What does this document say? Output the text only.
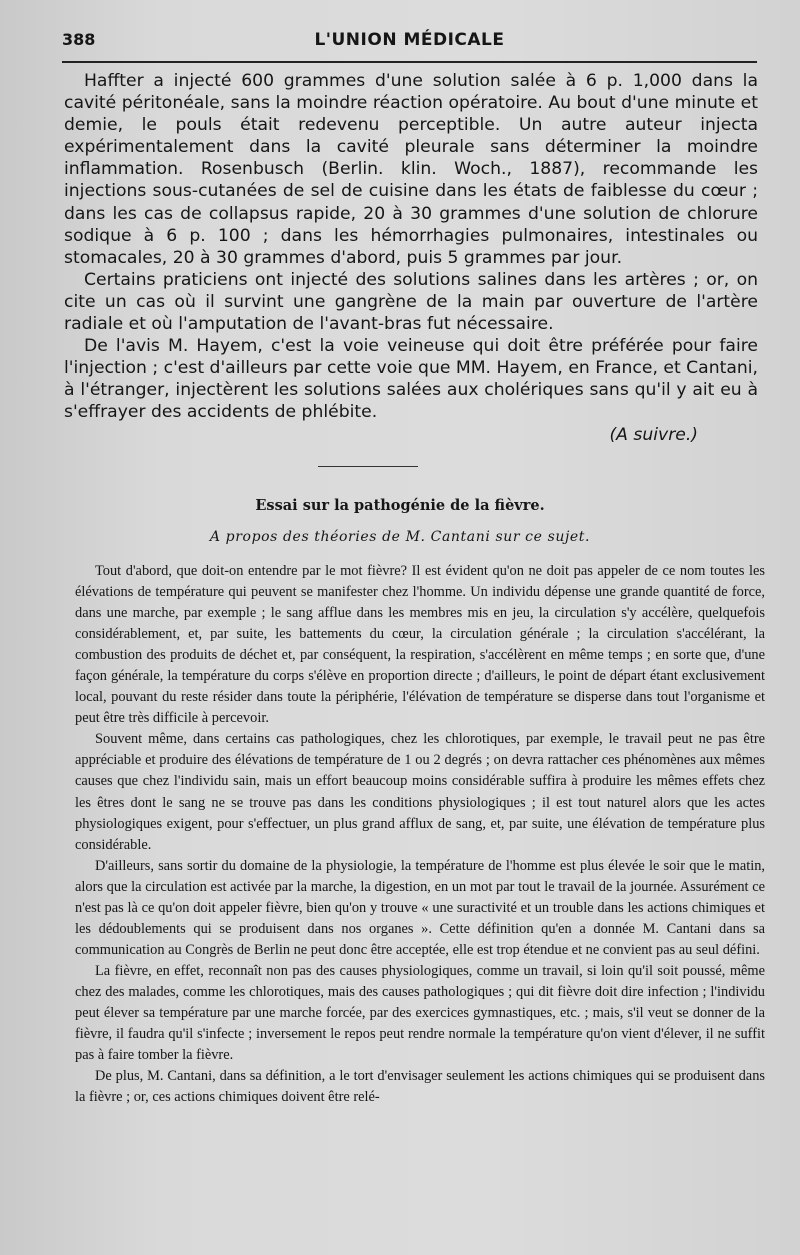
388	L'UNION MÉDICALE

Haffter a injecté 600 grammes d'une solution salée à 6 p. 1,000 dans la cavité péritonéale, sans la moindre réaction opératoire. Au bout d'une minute et demie, le pouls était redevenu perceptible. Un autre auteur injecta expérimentalement dans la cavité pleurale sans déterminer la moindre inflammation. Rosenbusch (Berlin. klin. Woch., 1887), recommande les injections sous-cutanées de sel de cuisine dans les états de faiblesse du cœur ; dans les cas de collapsus rapide, 20 à 30 grammes d'une solution de chlorure sodique à 6 p. 100 ; dans les hémorrhagies pulmonaires, intestinales ou stomacales, 20 à 30 grammes d'abord, puis 5 grammes par jour.

Certains praticiens ont injecté des solutions salines dans les artères ; or, on cite un cas où il survint une gangrène de la main par ouverture de l'artère radiale et où l'amputation de l'avant-bras fut nécessaire.

De l'avis M. Hayem, c'est la voie veineuse qui doit être préférée pour faire l'injection ; c'est d'ailleurs par cette voie que MM. Hayem, en France, et Cantani, à l'étranger, injectèrent les solutions salées aux cholériques sans qu'il y ait eu à s'effrayer des accidents de phlébite.

(A suivre.)

Essai sur la pathogénie de la fièvre.
A propos des théories de M. Cantani sur ce sujet.

Tout d'abord, que doit-on entendre par le mot fièvre? Il est évident qu'on ne doit pas appeler de ce nom toutes les élévations de température qui peuvent se manifester chez l'homme. Un individu dépense une grande quantité de force, dans une marche, par exemple ; le sang afflue dans les membres mis en jeu, la circulation s'y accélère, quelquefois considérablement, et, par suite, les battements du cœur, la circulation générale ; la circulation s'accélérant, la combustion des produits de déchet et, par conséquent, la respiration, s'accélèrent en même temps ; en sorte que, d'une façon générale, la température du corps s'élève en proportion directe ; d'ailleurs, le point de départ étant exclusivement local, pouvant du reste résider dans toute la périphérie, l'élévation de température se disperse dans tout l'organisme et peut être très difficile à percevoir.

Souvent même, dans certains cas pathologiques, chez les chlorotiques, par exemple, le travail peut ne pas être appréciable et produire des élévations de température de 1 ou 2 degrés ; on devra rattacher ces phénomènes aux mêmes causes que chez l'individu sain, mais un effort beaucoup moins considérable suffira à produire les mêmes effets chez les êtres dont le sang ne se trouve pas dans les conditions physiologiques ; il est tout naturel alors que les actes physiologiques exigent, pour s'effectuer, un plus grand afflux de sang, et, par suite, une élévation de température plus considérable.

D'ailleurs, sans sortir du domaine de la physiologie, la température de l'homme est plus élevée le soir que le matin, alors que la circulation est activée par la marche, la digestion, en un mot par tout le travail de la journée. Assurément ce n'est pas là ce qu'on doit appeler fièvre, bien qu'on y trouve « une suractivité et un trouble dans les actions chimiques et les dédoublements qui se produisent dans nos organes ». Cette définition qu'en a donnée M. Cantani dans sa communication au Congrès de Berlin ne peut donc être acceptée, elle est trop étendue et ne convient pas au seul défini.

La fièvre, en effet, reconnaît non pas des causes physiologiques, comme un travail, si loin qu'il soit poussé, même chez des malades, comme les chlorotiques, mais des causes pathologiques ; qui dit fièvre doit dire infection ; l'individu peut élever sa température par une marche forcée, par des exercices gymnastiques, etc. ; mais, s'il veut se donner de la fièvre, il faudra qu'il s'infecte ; inversement le repos peut rendre normale la température qu'on vient d'élever, il ne suffit pas à faire tomber la fièvre.

De plus, M. Cantani, dans sa définition, a le tort d'envisager seulement les actions chimiques qui se produisent dans la fièvre ; or, ces actions chimiques doivent être relé-
